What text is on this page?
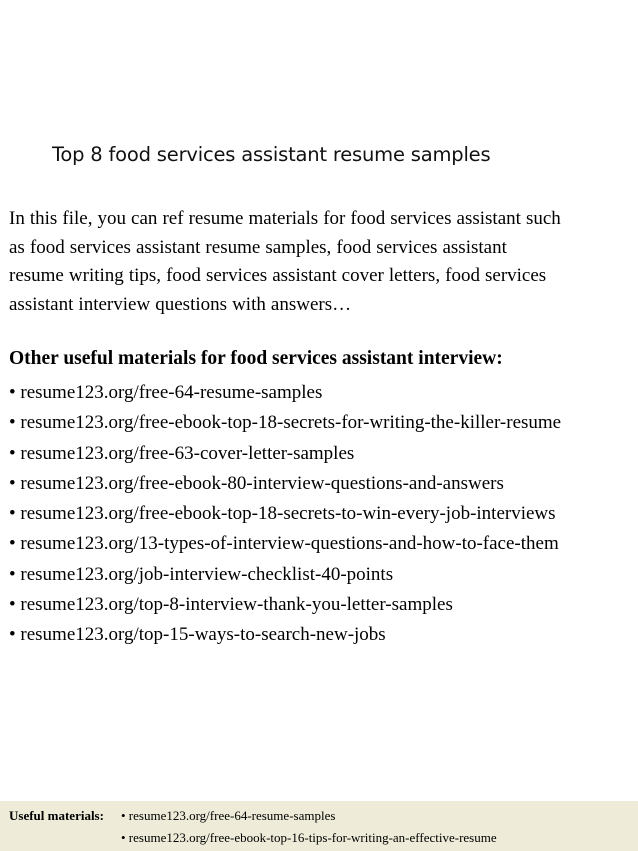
Top 8 food services assistant resume samples
In this file, you can ref resume materials for food services assistant such
as food services assistant resume samples, food services assistant
resume writing tips, food services assistant cover letters, food services
assistant interview questions with answers…
Other useful materials for food services assistant interview:
• resume123.org/free-64-resume-samples
• resume123.org/free-ebook-top-18-secrets-for-writing-the-killer-resume
• resume123.org/free-63-cover-letter-samples
• resume123.org/free-ebook-80-interview-questions-and-answers
• resume123.org/free-ebook-top-18-secrets-to-win-every-job-interviews
• resume123.org/13-types-of-interview-questions-and-how-to-face-them
• resume123.org/job-interview-checklist-40-points
• resume123.org/top-8-interview-thank-you-letter-samples
• resume123.org/top-15-ways-to-search-new-jobs
Useful materials: • resume123.org/free-64-resume-samples
• resume123.org/free-ebook-top-16-tips-for-writing-an-effective-resume
